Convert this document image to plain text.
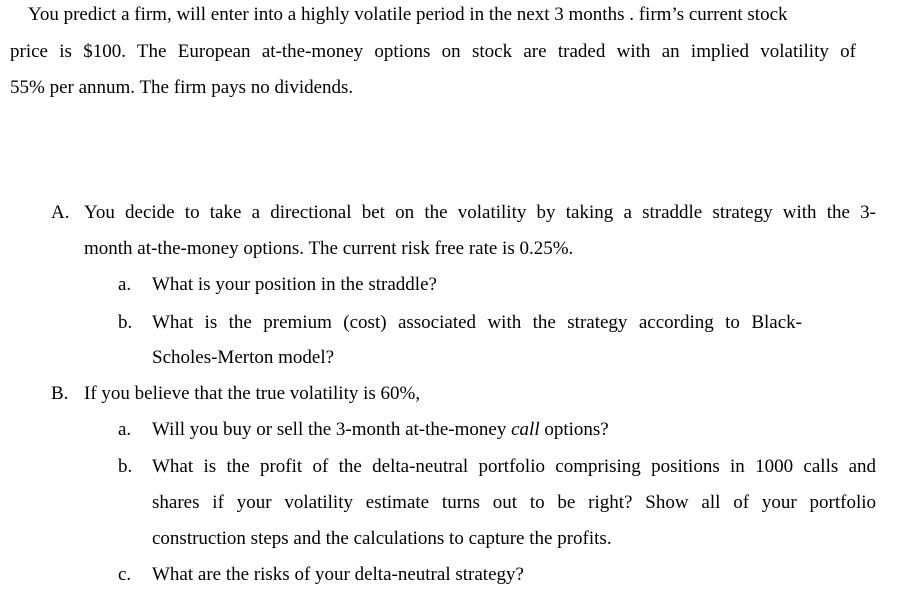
You predict a firm, will enter into a highly volatile period in the next 3 months . firm’s current stock
price is $100. The European at-the-money options on stock are traded with an implied volatility of
55% per annum. The firm pays no dividends.
A. You decide to take a directional bet on the volatility by taking a straddle strategy with the 3-
month at-the-money options. The current risk free rate is 0.25%.
a. What is your position in the straddle?
b. What is the premium (cost) associated with the strategy according to Black-
Scholes-Merton model?
B. If you believe that the true volatility is 60%,
a. Will you buy or sell the 3-month at-the-money call options?
b. What is the profit of the delta-neutral portfolio comprising positions in 1000 calls and
shares if your volatility estimate turns out to be right? Show all of your portfolio
construction steps and the calculations to capture the profits.
c. What are the risks of your delta-neutral strategy?
